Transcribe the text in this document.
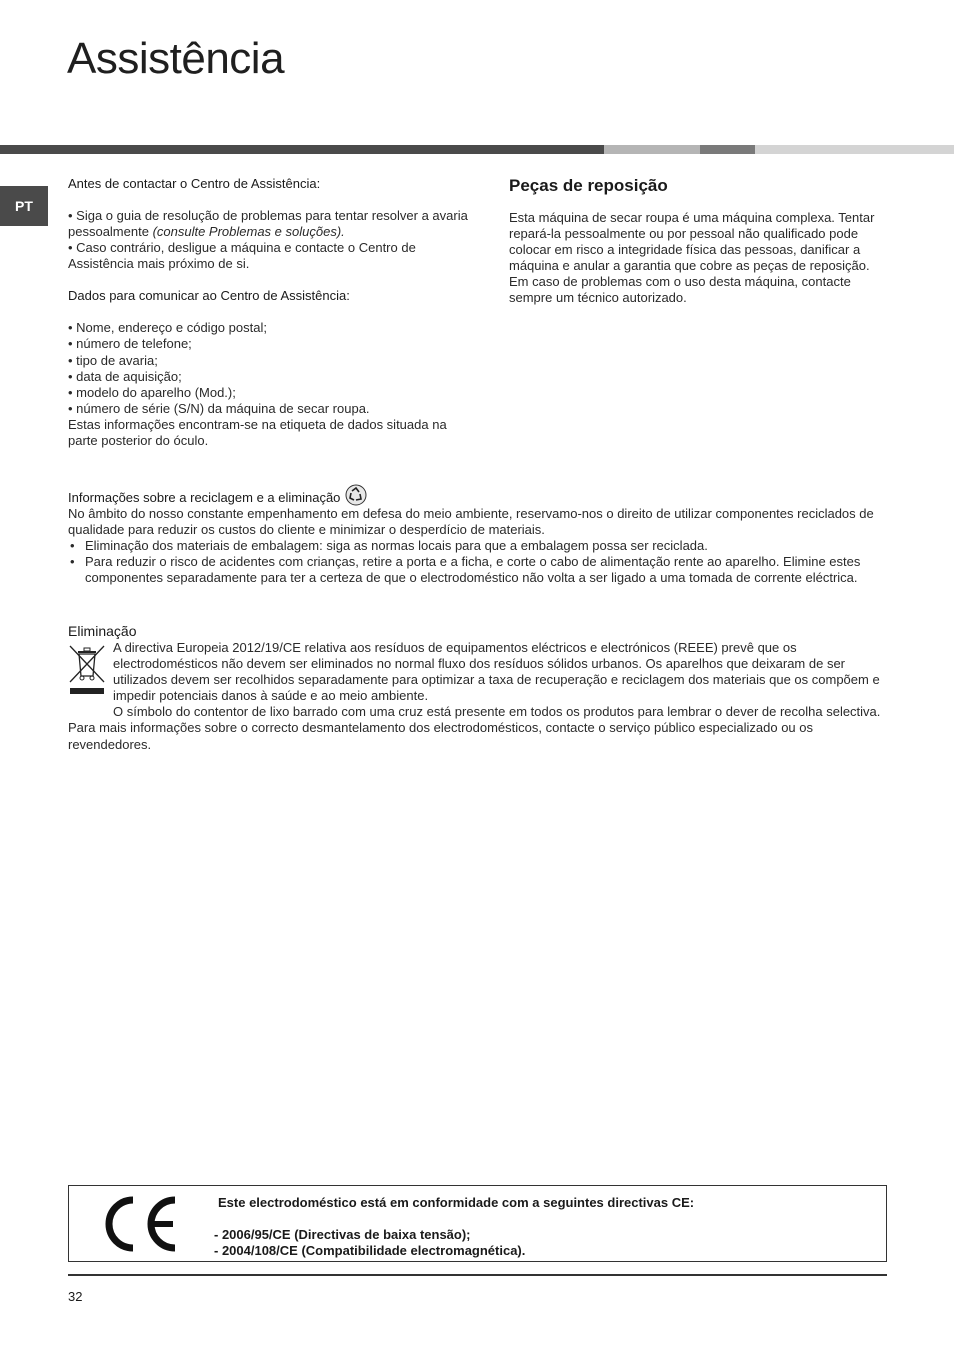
Assistência
PT

Antes de contactar o Centro de Assistência:

• Siga o guia de resolução de problemas para tentar resolver a avaria pessoalmente (consulte Problemas e soluções).

• Caso contrário, desligue a máquina e contacte o Centro de Assistência mais próximo de si.

Dados para comunicar ao Centro de Assistência:

• Nome, endereço e código postal;

• número de telefone;

• tipo de avaria;

• data de aquisição;

• modelo do aparelho (Mod.);

• número de série (S/N) da máquina de secar roupa.

Estas informações encontram-se na etiqueta de dados situada na parte posterior do óculo.

Peças de reposição

Esta máquina de secar roupa é uma máquina complexa. Tentar repará-la pessoalmente ou por pessoal não qualificado pode colocar em risco a integridade física das pessoas, danificar a máquina e anular a garantia que cobre as peças de reposição.

Em caso de problemas com o uso desta máquina, contacte sempre um técnico autorizado.

Informações sobre a reciclagem e a eliminação

No âmbito do nosso constante empenhamento em defesa do meio ambiente, reservamo-nos o direito de utilizar componentes reciclados de qualidade para reduzir os custos do cliente e minimizar o desperdício de materiais.

• Eliminação dos materiais de embalagem: siga as normas locais para que a embalagem possa ser reciclada.

• Para reduzir o risco de acidentes com crianças, retire a porta e a ficha, e corte o cabo de alimentação rente ao aparelho. Elimine estes componentes separadamente para ter a certeza de que o electrodoméstico não volta a ser ligado a uma tomada de corrente eléctrica.

Eliminação

A directiva Europeia 2012/19/CE relativa aos resíduos de equipamentos eléctricos e electrónicos (REEE) prevê que os electrodomésticos não devem ser eliminados no normal fluxo dos resíduos sólidos urbanos. Os aparelhos que deixaram de ser utilizados devem ser recolhidos separadamente para optimizar a taxa de recuperação e reciclagem dos materiais que os compõem e impedir potenciais danos à saúde e ao meio ambiente.

O símbolo do contentor de lixo barrado com uma cruz está presente em todos os produtos para lembrar o dever de recolha selectiva. Para mais informações sobre o correcto desmantelamento dos electrodomésticos, contacte o serviço público especializado ou os revendedores.

Este electrodoméstico está em conformidade com a seguintes directivas CE:
- 2006/95/CE (Directivas de baixa tensão);
- 2004/108/CE (Compatibilidade electromagnética).
32
